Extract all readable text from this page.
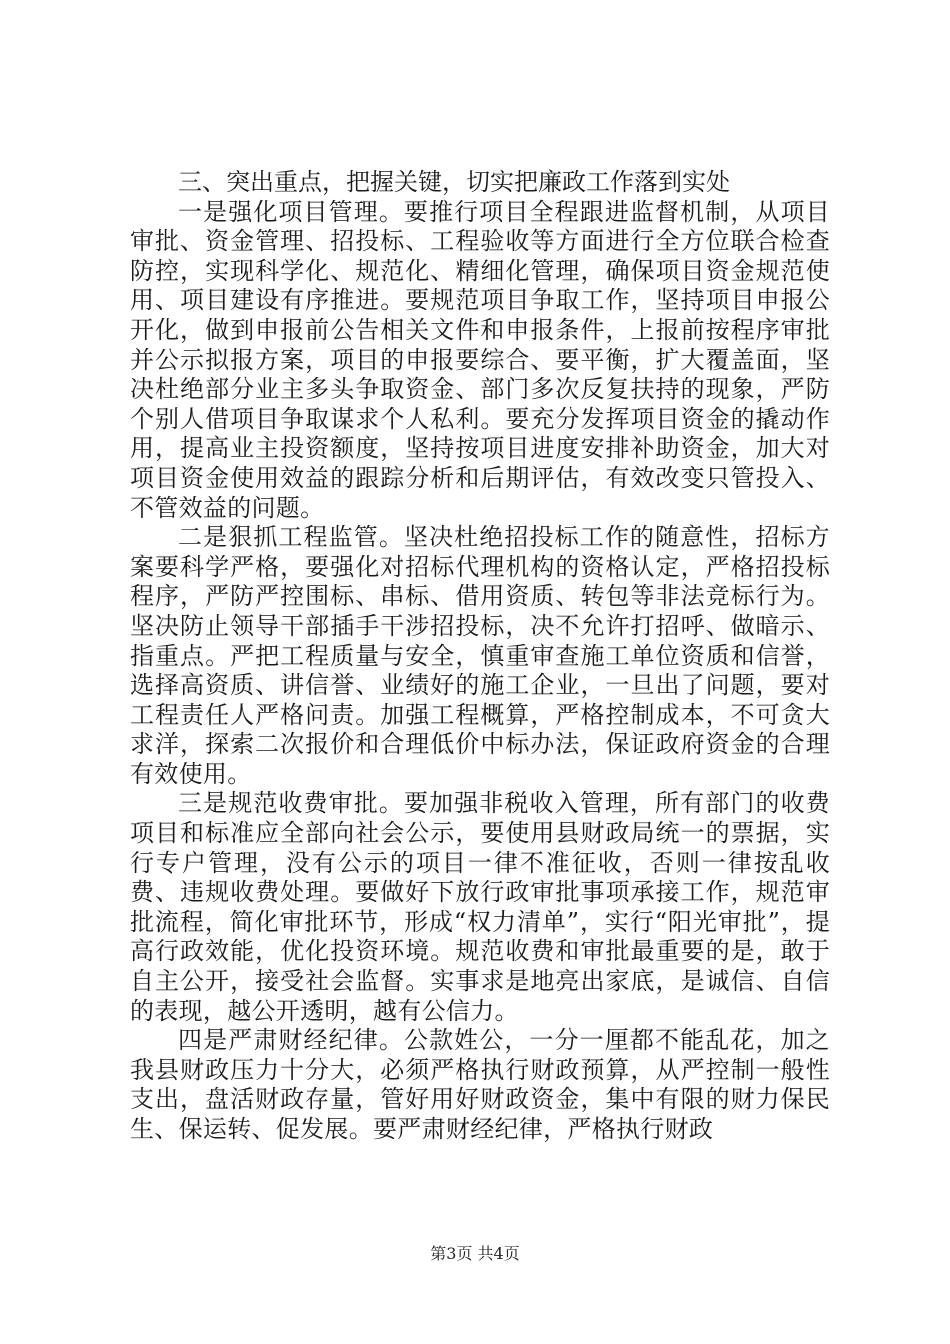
三、突出重点，把握关键，切实把廉政工作落到实处

一是强化项目管理。要推行项目全程跟进监督机制，从项目审批、资金管理、招投标、工程验收等方面进行全方位联合检查防控，实现科学化、规范化、精细化管理，确保项目资金规范使用、项目建设有序推进。要规范项目争取工作，坚持项目申报公开化，做到申报前公告相关文件和申报条件，上报前按程序审批并公示拟报方案，项目的申报要综合、要平衡，扩大覆盖面，坚决杜绝部分业主多头争取资金、部门多次反复扶持的现象，严防个别人借项目争取谋求个人私利。要充分发挥项目资金的撬动作用，提高业主投资额度，坚持按项目进度安排补助资金，加大对项目资金使用效益的跟踪分析和后期评估，有效改变只管投入、不管效益的问题。

二是狠抓工程监管。坚决杜绝招投标工作的随意性，招标方案要科学严格，要强化对招标代理机构的资格认定，严格招投标程序，严防严控围标、串标、借用资质、转包等非法竞标行为。坚决防止领导干部插手干涉招投标，决不允许打招呼、做暗示、指重点。严把工程质量与安全，慎重审查施工单位资质和信誉，选择高资质、讲信誉、业绩好的施工企业，一旦出了问题，要对工程责任人严格问责。加强工程概算，严格控制成本，不可贪大求洋，探索二次报价和合理低价中标办法，保证政府资金的合理有效使用。

三是规范收费审批。要加强非税收入管理，所有部门的收费项目和标准应全部向社会公示，要使用县财政局统一的票据，实行专户管理，没有公示的项目一律不准征收，否则一律按乱收费、违规收费处理。要做好下放行政审批事项承接工作，规范审批流程，简化审批环节，形成“权力清单”，实行“阳光审批”，提高行政效能，优化投资环境。规范收费和审批最重要的是，敢于自主公开，接受社会监督。实事求是地亮出家底，是诚信、自信的表现，越公开透明，越有公信力。

四是严肃财经纪律。公款姓公，一分一厘都不能乱花，加之我县财政压力十分大，必须严格执行财政预算，从严控制一般性支出，盘活财政存量，管好用好财政资金，集中有限的财力保民生、保运转、促发展。要严肃财经纪律，严格执行财政

第3页 共4页
